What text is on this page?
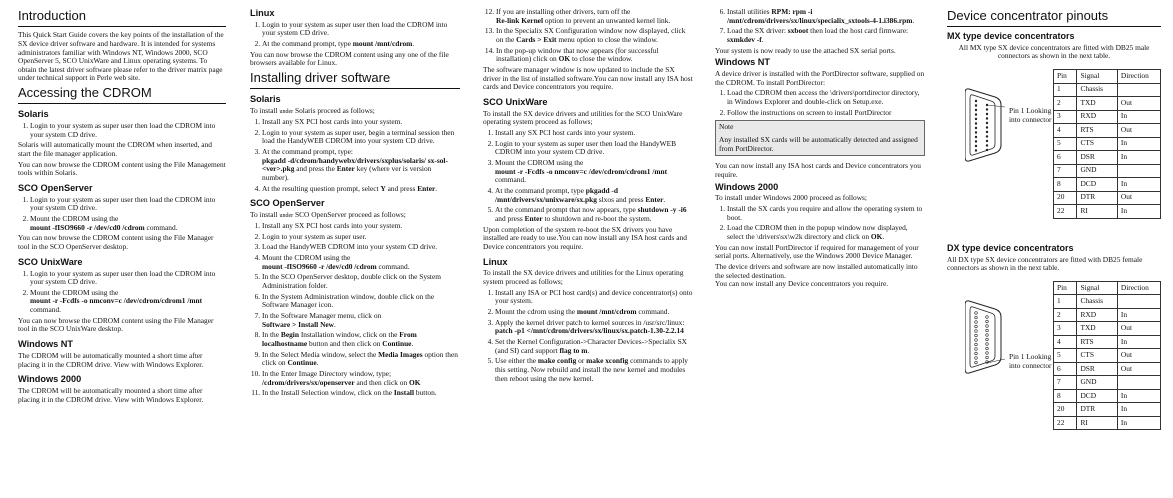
Introduction

This Quick Start Guide covers the key points of the installation of the SX device driver software and hardware. It is intended for systems administrators familiar with Windows NT, Windows 2000, SCO OpenServer 5, SCO UnixWare and Linux operating systems. To obtain the latest driver software please refer to the driver matrix page under technical support in Perle web site.

Accessing the CDROM
Solaris
1. Login to your system as super user then load the CDROM into your system CD drive.

Solaris will automatically mount the CDROM when inserted, and start the file manager application.

You can now browse the CDROM content using the File Management tools within Solaris.

SCO OpenServer
1. Login to your system as super user then load the CDROM into your system CD drive.
2. Mount the CDROM using the
mount -fISO9660 -r /dev/cd0 /cdrom command.

You can now browse the CDROM content using the File Manager tool in the SCO OpenServer desktop.

SCO UnixWare
1. Login to your system as super user then load the CDROM into your system CD drive.
2. Mount the CDROM using the
mount -r -Fcdfs -o nmconv=c /dev/cdrom/cdrom1 /mnt
command.

You can now browse the CDROM content using the File Manager tool in the SCO UnixWare desktop.

Windows NT

The CDROM will be automatically mounted a short time after placing it in the CDROM drive. View with Windows Explorer.

Windows 2000

The CDROM will be automatically mounted a short time after placing it in the CDROM drive. View with Windows Explorer.

Linux
1. Login to your system as super user then load the CDROM into your system CD drive.
2. At the command prompt, type mount /mnt/cdrom.

You can now browse the CDROM content using any one of the file browsers available for Linux.

Installing driver software
Solaris

To install under Solaris proceed as follows;

1. Install any SX PCI host cards into your system.
2. Login to your system as super user, begin a terminal session then load the HandyWEB CDROM into your system CD drive.
3. At the command prompt, type:
pkgadd -d/cdrom/handywebx/drivers/sxplus/solaris/ sx-sol-<ver>.pkg and press the Enter key (where ver is version number).
4. At the resulting question prompt, select Y and press Enter.
SCO OpenServer

To install under SCO OpenServer proceed as follows;

1. Install any SX PCI host cards into your system.
2. Login to your system as super user.
3. Load the HandyWEB CDROM into your system CD drive.
4. Mount the CDROM using the
mount -fISO9660 -r /dev/cd0 /cdrom command.
5. In the SCO OpenServer desktop, double click on the System Administration folder.
6. In the System Administration window, double click on the Software Manager icon.
7. In the Software Manager menu, click on
Software > Install New.
8. In the Begin Installation window, click on the From localhostname button and then click on Continue.
9. In the Select Media window, select the Media Images option then click on Continue.
10. In the Enter Image Directory window, type;
/cdrom/drivers/sx/openserver and then click on OK
11. In the Install Selection window, click on the Install button.
12. If you are installing other drivers, turn off the
Re-link Kernel option to prevent an unwanted kernel link.
13. In the Specialix SX Configuration window now displayed, click on the Cards > Exit menu option to close the window.
14. In the pop-up window that now appears (for successful installation) click on OK to close the window.

The software manager window is now updated to include the SX driver in the list of installed software.You can now install any ISA host cards and Device concentrators you require.

SCO UnixWare

To install the SX device drivers and utilities for the SCO UnixWare operating system proceed as follows;

1. Install any SX PCI host cards into your system.
2. Login to your system as super user then load the HandyWEB CDROM into your system CD drive.
3. Mount the CDROM using the
mount -r -Fcdfs -o nmconv=c /dev/cdrom/cdrom1 /mnt command.
4. At the command prompt, type pkgadd -d /mnt/drivers/sx/unixware/sx.pkg slxos and press Enter.
5. At the command prompt that now appears, type shutdown -y -i6 and press Enter to shutdown and re-boot the system.

Upon completion of the system re-boot the SX drivers you have installed are ready to use.You can now install any ISA host cards and Device concentrators you require.

Linux

To install the SX device drivers and utilities for the Linux operating system proceed as follows;

1. Install any ISA or PCI host card(s) and device concentrator(s) onto your system.
2. Mount the cdrom using the mount /mnt/cdrom command.
3. Apply the kernel driver patch to kernel sources in /usr/src/linux: patch -p1 </mnt/cdrom/drivers/sx/linux/sx.patch-1.30-2.2.14
4. Set the Kernel Configuration->Character Devices->Specialix SX (and SI) card support flag to m.
5. Use either the make config or make xconfig commands to apply this setting. Now rebuild and install the new kernel and modules then reboot using the new kernel.
6. Install utilities RPM: rpm -i /mnt/cdrom/drivers/sx/linux/specialix_sxtools-4-1.i386.rpm.
7. Load the SX driver: sxboot then load the host card firmware: sxmkdev -f.

Your system is now ready to use the attached SX serial ports.

Windows NT

A device driver is installed with the PortDirector software, supplied on the CDROM. To install PortDirector:

1. Load the CDROM then access the \drivers\portdirector directory, in Windows Explorer and double-click on Setup.exe.
2. Follow the instructions on screen to install PortDirector
Note
Any installed SX cards will be automatically detected and assigned from PortDirector.

You can now install any ISA host cards and Device concentrators you require.

Windows 2000

To install under Windows 2000 proceed as follows;

1. Install the SX cards you require and allow the operating system to boot.
2. Load the CDROM then in the popup window now displayed, select the \drivers\sx\w2k directory and click on OK.

You can now install PortDirector if required for management of your serial ports. Alternatively, use the Windows 2000 Device Manager.

The device drivers and software are now installed automatically into the selected destination.

You can now install any Device concentrators you require.

Device concentrator pinouts
MX type device concentrators

All MX type SX device concentrators are fitted with DB25 male connectors as shown in the next table.

Pin 1 Looking into connector
Pin	Signal	Direction
1	Chassis	
2	TXD	Out
3	RXD	In
4	RTS	Out
5	CTS	In
6	DSR	In
7	GND	
8	DCD	In
20	DTR	Out
22	RI	In
DX type device concentrators

All DX type SX device concentrators are fitted with DB25 female connectors as shown in the next table.

Pin 1 Looking into connector
Pin	Signal	Direction
1	Chassis	
2	RXD	In
3	TXD	Out
4	RTS	In
5	CTS	Out
6	DSR	Out
7	GND	
8	DCD	In
20	DTR	In
22	RI	In
